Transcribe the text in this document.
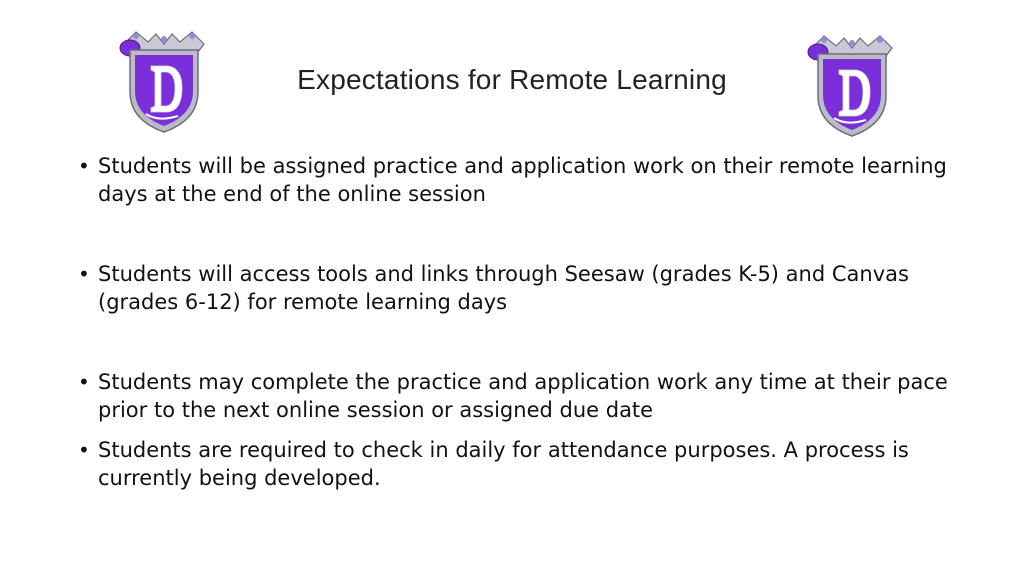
Expectations for Remote Learning
• Students will be assigned practice and application work on their remote learning days at the end of the online session
• Students will access tools and links through Seesaw (grades K-5) and Canvas (grades 6-12) for remote learning days
• Students may complete the practice and application work any time at their pace prior to the next online session or assigned due date
• Students are required to check in daily for attendance purposes. A process is currently being developed.
